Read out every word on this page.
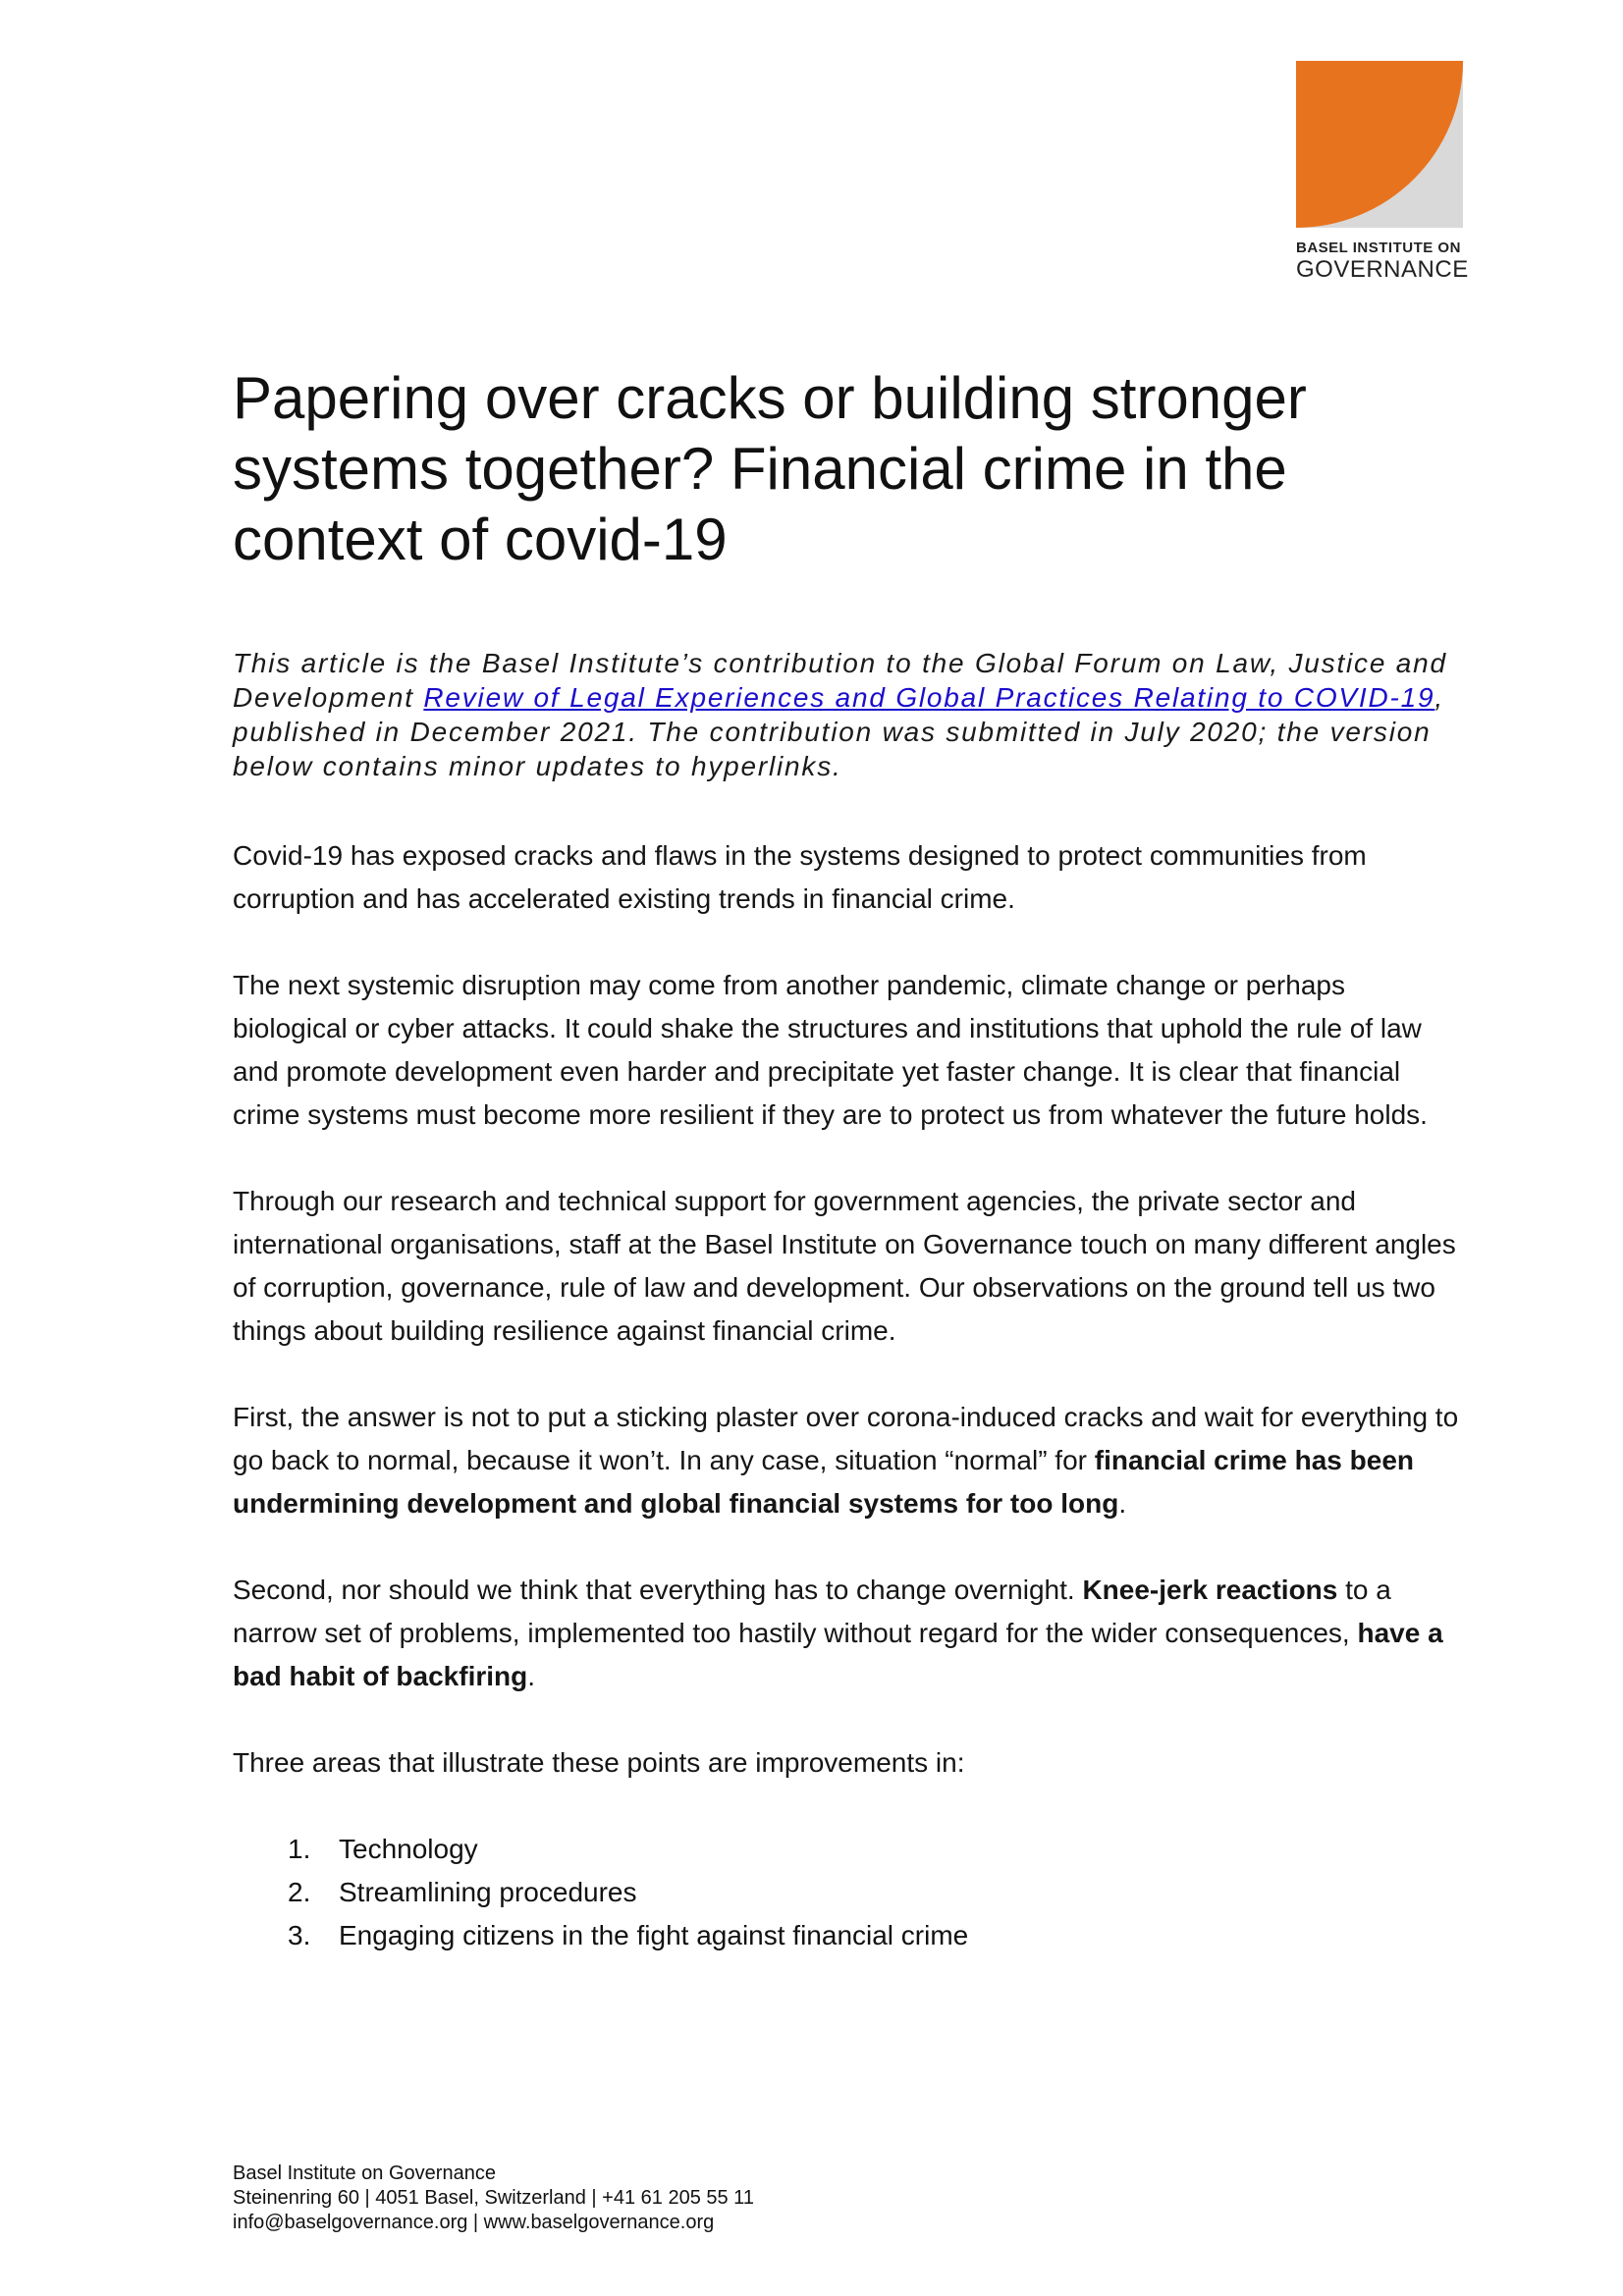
BASEL INSTITUTE ON
GOVERNANCE
Papering over cracks or building stronger systems together? Financial crime in the context of covid-19

This article is the Basel Institute’s contribution to the Global Forum on Law, Justice and Development Review of Legal Experiences and Global Practices Relating to COVID-19, published in December 2021. The contribution was submitted in July 2020; the version below contains minor updates to hyperlinks.

Covid-19 has exposed cracks and flaws in the systems designed to protect communities from corruption and has accelerated existing trends in financial crime.

The next systemic disruption may come from another pandemic, climate change or perhaps biological or cyber attacks. It could shake the structures and institutions that uphold the rule of law and promote development even harder and precipitate yet faster change. It is clear that financial crime systems must become more resilient if they are to protect us from whatever the future holds.

Through our research and technical support for government agencies, the private sector and international organisations, staff at the Basel Institute on Governance touch on many different angles of corruption, governance, rule of law and development. Our observations on the ground tell us two things about building resilience against financial crime.

First, the answer is not to put a sticking plaster over corona-induced cracks and wait for everything to go back to normal, because it won’t. In any case, situation “normal” for financial crime has been undermining development and global financial systems for too long.

Second, nor should we think that everything has to change overnight. Knee-jerk reactions to a narrow set of problems, implemented too hastily without regard for the wider consequences, have a bad habit of backfiring.

Three areas that illustrate these points are improvements in:

1.	Technology
2.	Streamlining procedures
3.	Engaging citizens in the fight against financial crime
Basel Institute on Governance
Steinenring 60 | 4051 Basel, Switzerland | +41 61 205 55 11
info@baselgovernance.org | www.baselgovernance.org
